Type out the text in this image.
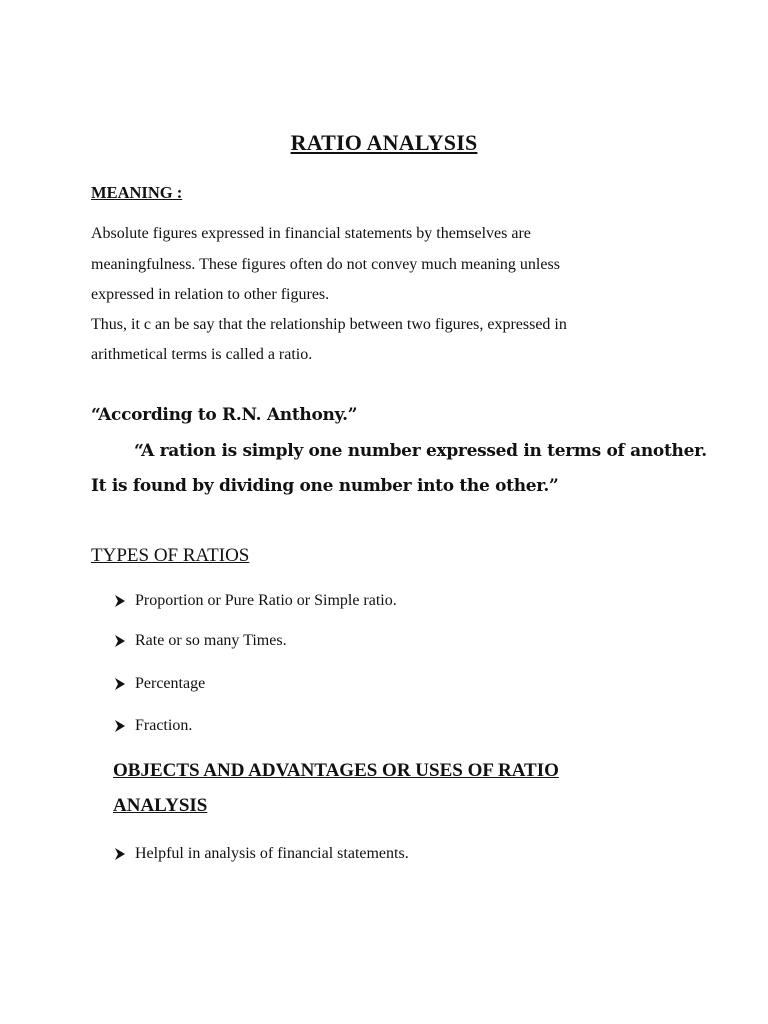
RATIO ANALYSIS
MEANING :

Absolute figures expressed in financial statements by themselves are

meaningfulness. These figures often do not convey much meaning unless

expressed in relation to other figures.

Thus, it c an be say that the relationship between two figures, expressed in

arithmetical terms is called a ratio.

“According to R.N. Anthony.”

“A ration is simply one number expressed in terms of another.

It is found by dividing one number into the other.”

TYPES OF RATIOS
Proportion or Pure Ratio or Simple ratio.
Rate or so many Times.
Percentage
Fraction.
OBJECTS AND ADVANTAGES OR USES OF RATIO
ANALYSIS
Helpful in analysis of financial statements.
